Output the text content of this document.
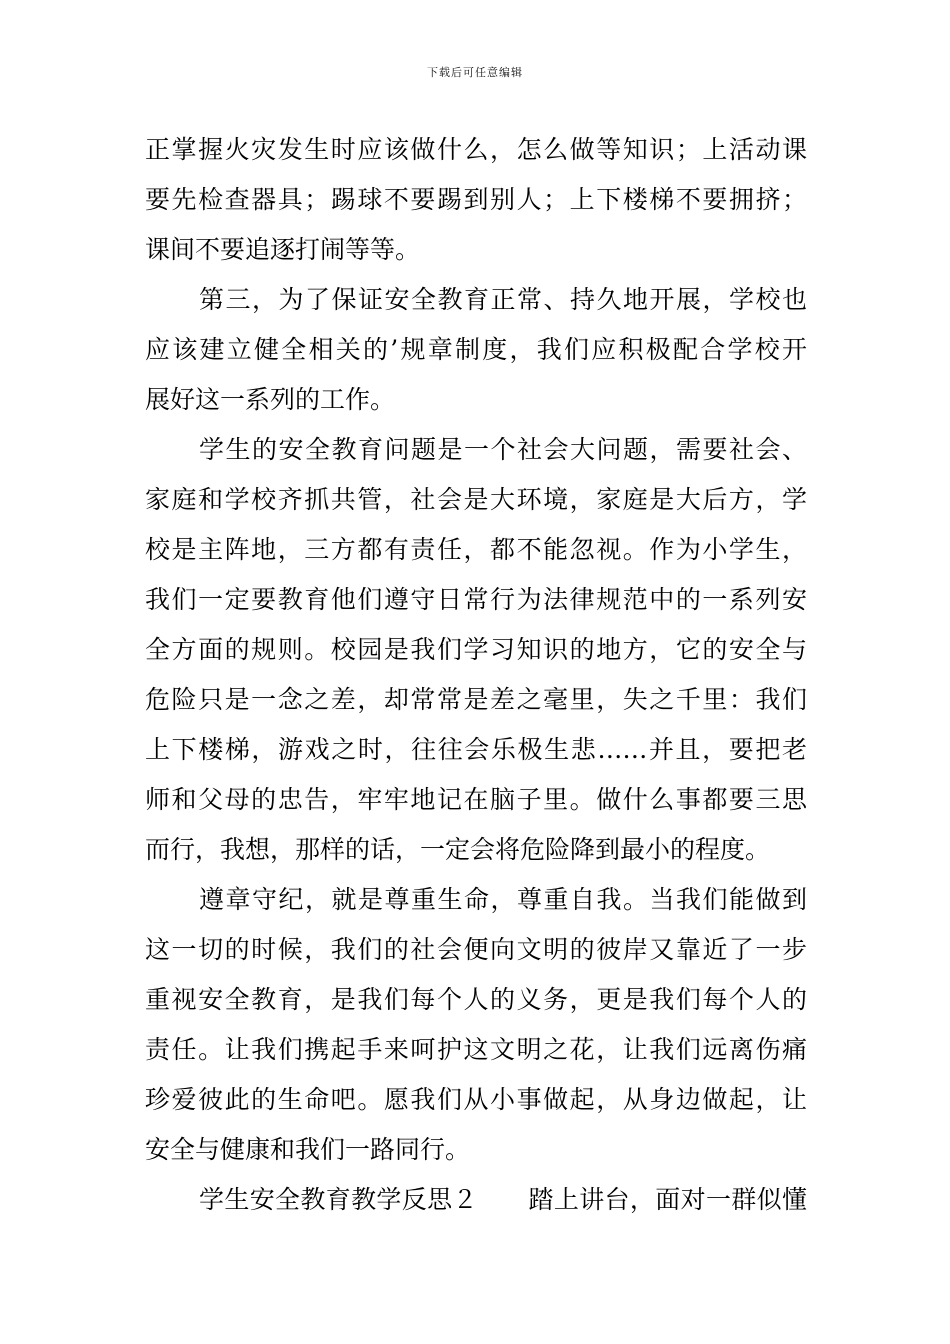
下载后可任意编辑
正掌握火灾发生时应该做什么，怎么做等知识；上活动课
要先检查器具；踢球不要踢到别人；上下楼梯不要拥挤；
课间不要追逐打闹等等。
第三，为了保证安全教育正常、持久地开展，学校也
应该建立健全相关的’规章制度，我们应积极配合学校开
展好这一系列的工作。
学生的安全教育问题是一个社会大问题，需要社会、
家庭和学校齐抓共管，社会是大环境，家庭是大后方，学
校是主阵地，三方都有责任，都不能忽视。作为小学生，
我们一定要教育他们遵守日常行为法律规范中的一系列安
全方面的规则。校园是我们学习知识的地方，它的安全与
危险只是一念之差，却常常是差之毫里，失之千里：我们
上下楼梯，游戏之时，往往会乐极生悲……并且，要把老
师和父母的忠告，牢牢地记在脑子里。做什么事都要三思
而行，我想，那样的话，一定会将危险降到最小的程度。
遵章守纪，就是尊重生命，尊重自我。当我们能做到
这一切的时候，我们的社会便向文明的彼岸又靠近了一步
重视安全教育，是我们每个人的义务，更是我们每个人的
责任。让我们携起手来呵护这文明之花，让我们远离伤痛
珍爱彼此的生命吧。愿我们从小事做起，从身边做起，让
安全与健康和我们一路同行。
学生安全教育教学反思２　　踏上讲台，面对一群似懂
